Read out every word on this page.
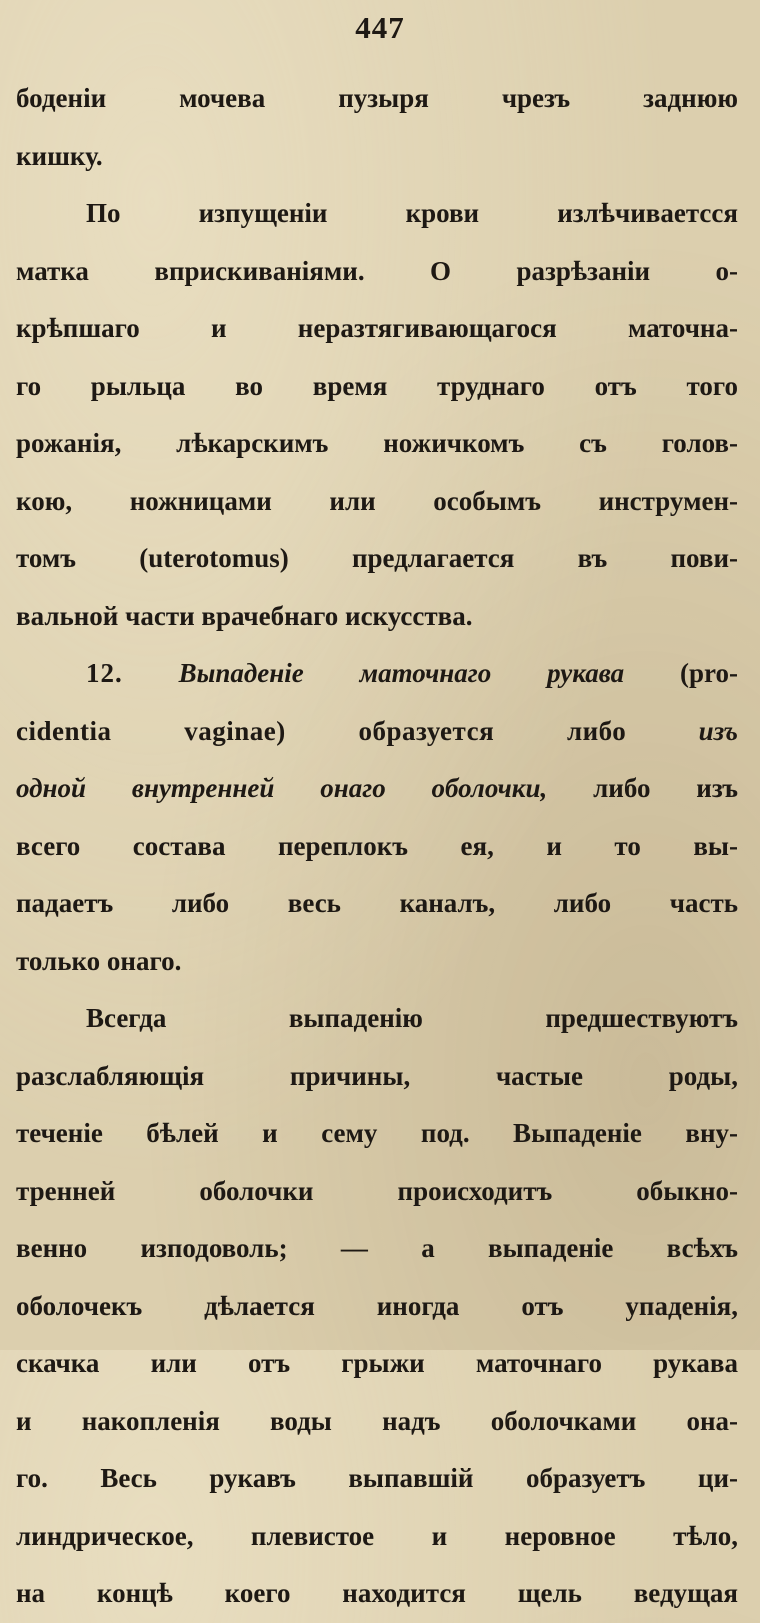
447
боденіи мочева пузыря чрезъ заднюю
кишку.
По изпущеніи крови излѣчиваетсся
матка вприскиваніями. О разрѣзаніи о-
крѣпшаго и неразтягивающагося маточна-
го рыльца во время труднаго отъ того
рожанія, лѣкарскимъ ножичкомъ съ голов-
кою, ножницами или особымъ инструмен-
томъ (uterotomus) предлагается въ пови-
вальной части врачебнаго искусства.
12. Выпаденіе маточнаго рукава (pro-
cidentia vaginae) образуется либо изъ
одной внутренней онаго оболочки, либо изъ
всего состава переплокъ ея, и то вы-
падаетъ либо весь каналъ, либо часть
только онаго.
Всегда выпаденію предшествуютъ
разслабляющія причины, частые роды,
теченіе бѣлей и сему под. Выпаденіе вну-
тренней оболочки происходитъ обыкно-
венно изподоволь; — а выпаденіе всѣхъ
оболочекъ дѣлается иногда отъ упаденія,
скачка или отъ грыжи маточнаго рукава
и накопленія воды надъ оболочками она-
го. Весь рукавъ выпавшій образуетъ ци-
линдрическое, плевистое и неровное тѣло,
на концѣ коего находится щель ведущая
